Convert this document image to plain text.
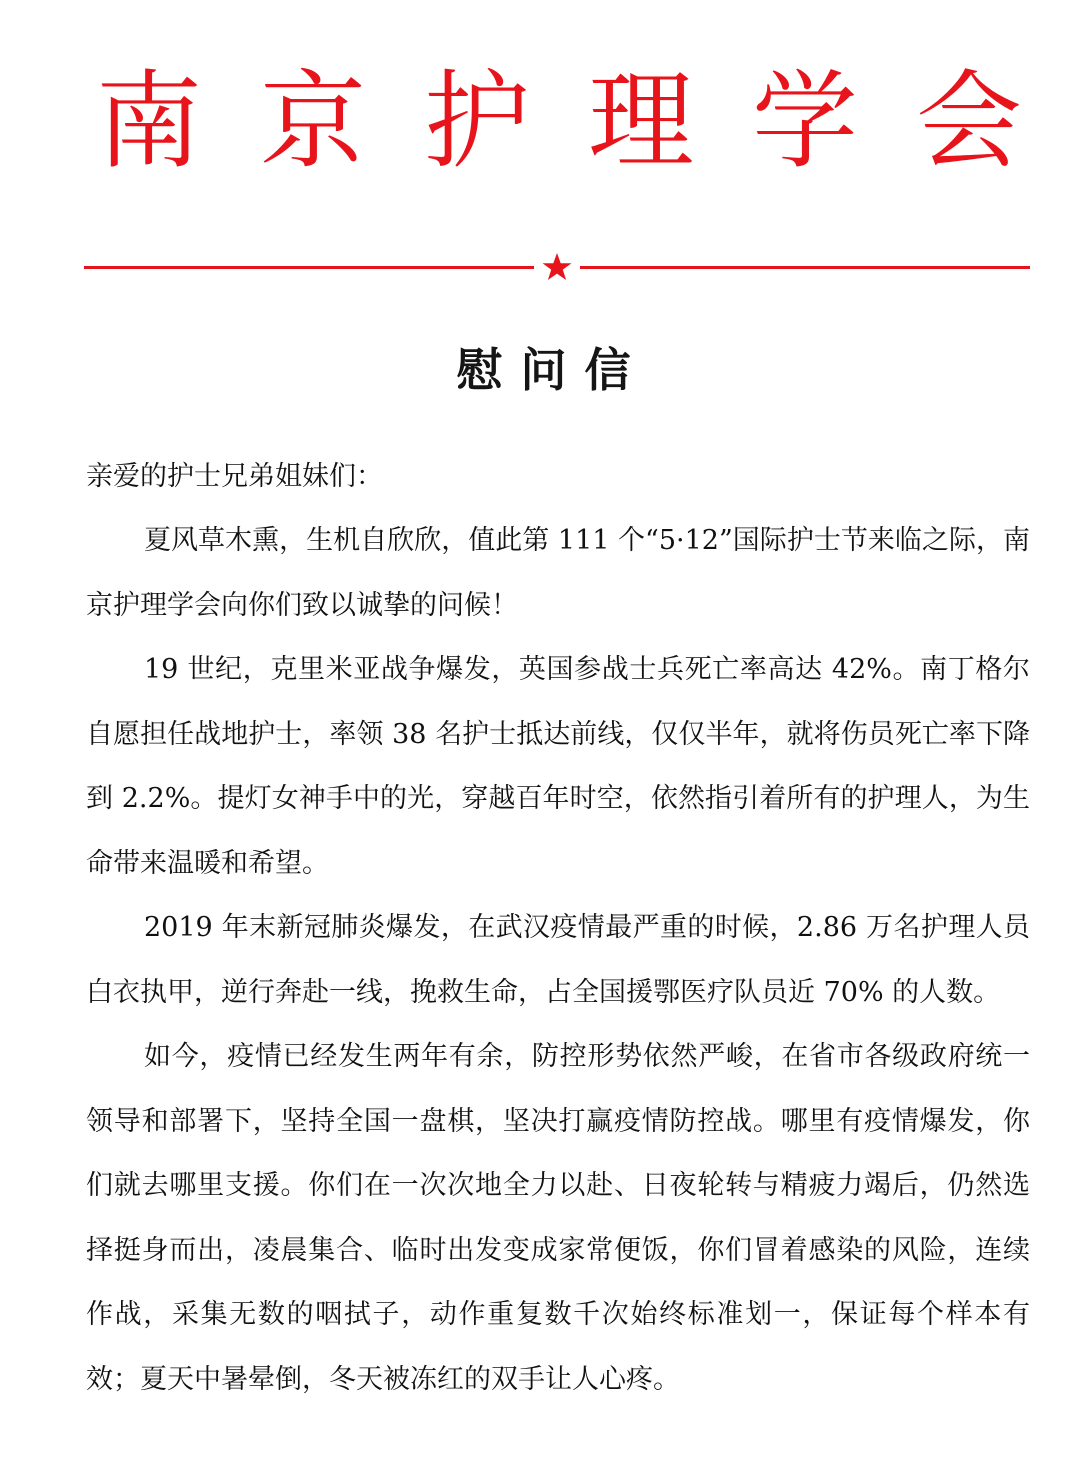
南 京 护 理 学 会
慰问信

亲爱的护士兄弟姐妹们：

夏风草木熏，生机自欣欣，值此第 111 个“5·12”国际护士节来临之际，南京护理学会向你们致以诚挚的问候！

19 世纪，克里米亚战争爆发，英国参战士兵死亡率高达 42%。南丁格尔自愿担任战地护士，率领 38 名护士抵达前线，仅仅半年，就将伤员死亡率下降到 2.2%。提灯女神手中的光，穿越百年时空，依然指引着所有的护理人，为生命带来温暖和希望。

2019 年末新冠肺炎爆发，在武汉疫情最严重的时候，2.86 万名护理人员白衣执甲，逆行奔赴一线，挽救生命，占全国援鄂医疗队员近 70% 的人数。

如今，疫情已经发生两年有余，防控形势依然严峻，在省市各级政府统一领导和部署下，坚持全国一盘棋，坚决打赢疫情防控战。哪里有疫情爆发，你们就去哪里支援。你们在一次次地全力以赴、日夜轮转与精疲力竭后，仍然选择挺身而出，凌晨集合、临时出发变成家常便饭，你们冒着感染的风险，连续作战，采集无数的咽拭子，动作重复数千次始终标准划一，保证每个样本有效；夏天中暑晕倒，冬天被冻红的双手让人心疼。
